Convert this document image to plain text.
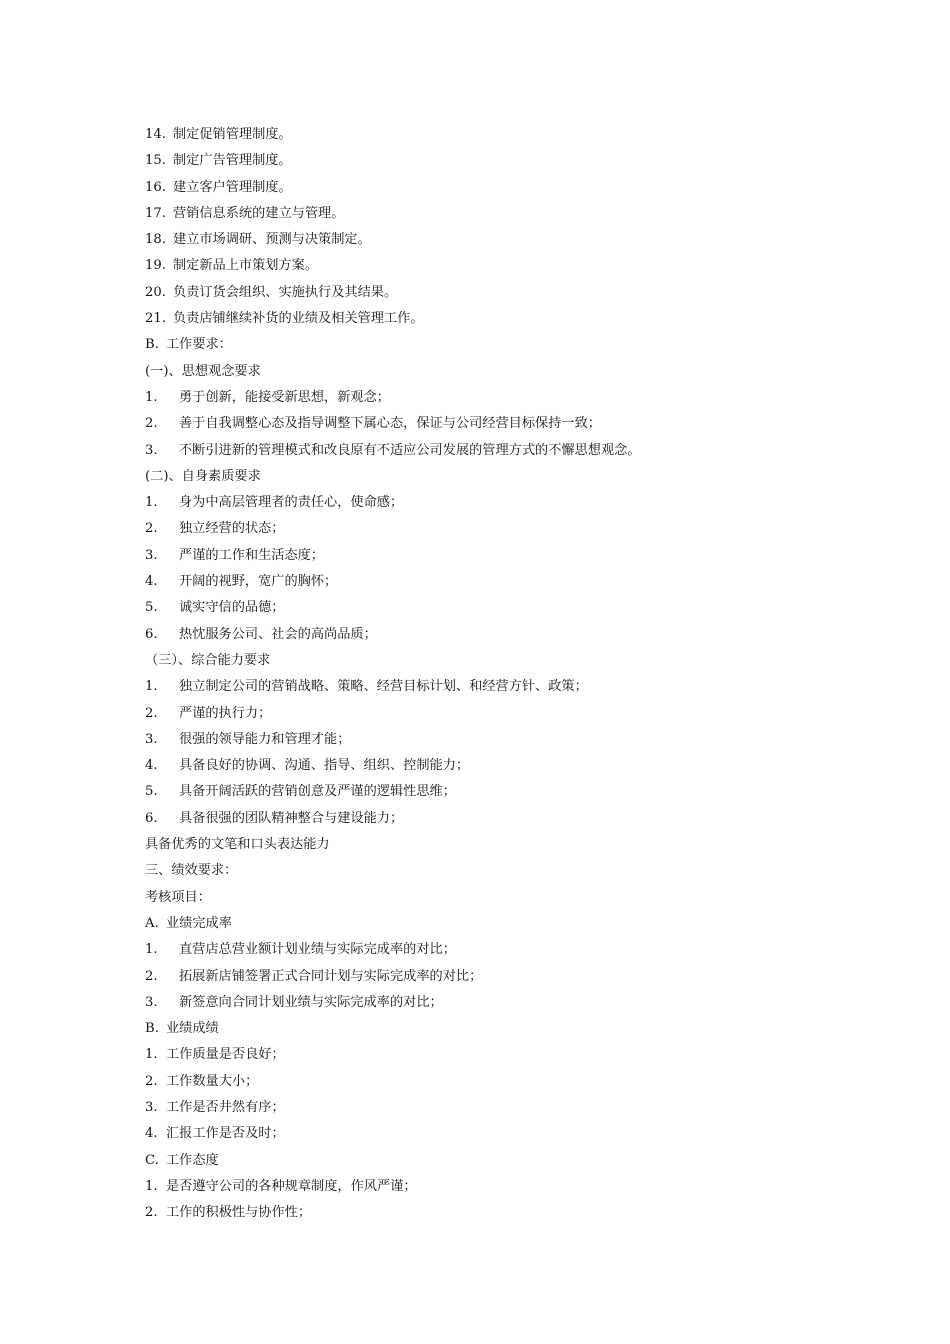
14. 制定促销管理制度。
15. 制定广告管理制度。
16. 建立客户管理制度。
17. 营销信息系统的建立与管理。
18. 建立市场调研、预测与决策制定。
19. 制定新品上市策划方案。
20. 负责订货会组织、实施执行及其结果。
21. 负责店铺继续补货的业绩及相关管理工作。
B. 工作要求：
(一)、思想观念要求
1.	勇于创新，能接受新思想，新观念；
2.	善于自我调整心态及指导调整下属心态，保证与公司经营目标保持一致；
3.	不断引进新的管理模式和改良原有不适应公司发展的管理方式的不懈思想观念。
(二)、自身素质要求
1.	身为中高层管理者的责任心，使命感；
2.	独立经营的状态；
3.	严谨的工作和生活态度；
4.	开阔的视野，宽广的胸怀；
5.	诚实守信的品德；
6.	热忱服务公司、社会的高尚品质；
（三）、综合能力要求
1.	独立制定公司的营销战略、策略、经营目标计划、和经营方针、政策；
2.	严谨的执行力；
3.	很强的领导能力和管理才能；
4.	具备良好的协调、沟通、指导、组织、控制能力；
5.	具备开阔活跃的营销创意及严谨的逻辑性思维；
6.	具备很强的团队精神整合与建设能力；
具备优秀的文笔和口头表达能力
三、绩效要求：
考核项目：
A. 业绩完成率
1.	直营店总营业额计划业绩与实际完成率的对比；
2.	拓展新店铺签署正式合同计划与实际完成率的对比；
3.	新签意向合同计划业绩与实际完成率的对比；
B. 业绩成绩
1. 工作质量是否良好；
2. 工作数量大小；
3. 工作是否井然有序；
4. 汇报工作是否及时；
C. 工作态度
1. 是否遵守公司的各种规章制度，作风严谨；
2. 工作的积极性与协作性；
